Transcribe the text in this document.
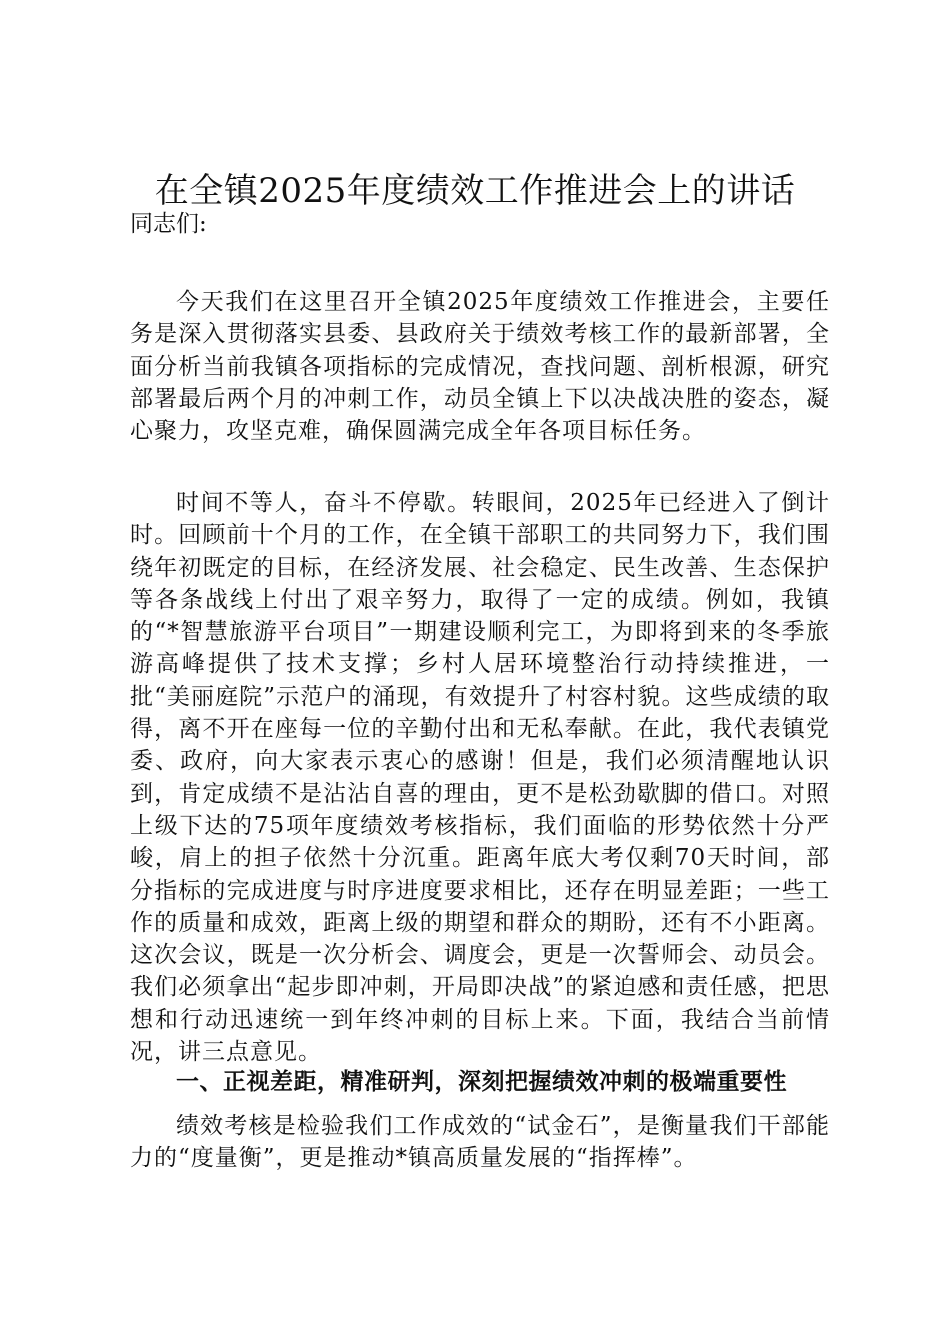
在全镇2025年度绩效工作推进会上的讲话

同志们:

今天我们在这里召开全镇2025年度绩效工作推进会，主要任务是深入贯彻落实县委、县政府关于绩效考核工作的最新部署，全面分析当前我镇各项指标的完成情况，查找问题、剖析根源，研究部署最后两个月的冲刺工作，动员全镇上下以决战决胜的姿态，凝心聚力，攻坚克难，确保圆满完成全年各项目标任务。

时间不等人，奋斗不停歇。转眼间，2025年已经进入了倒计时。回顾前十个月的工作，在全镇干部职工的共同努力下，我们围绕年初既定的目标，在经济发展、社会稳定、民生改善、生态保护等各条战线上付出了艰辛努力，取得了一定的成绩。例如，我镇的“*智慧旅游平台项目”一期建设顺利完工，为即将到来的冬季旅游高峰提供了技术支撑；乡村人居环境整治行动持续推进，一批“美丽庭院”示范户的涌现，有效提升了村容村貌。这些成绩的取得，离不开在座每一位的辛勤付出和无私奉献。在此，我代表镇党委、政府，向大家表示衷心的感谢！但是，我们必须清醒地认识到，肯定成绩不是沾沾自喜的理由，更不是松劲歇脚的借口。对照上级下达的75项年度绩效考核指标，我们面临的形势依然十分严峻，肩上的担子依然十分沉重。距离年底大考仅剩70天时间，部分指标的完成进度与时序进度要求相比，还存在明显差距；一些工作的质量和成效，距离上级的期望和群众的期盼，还有不小距离。这次会议，既是一次分析会、调度会，更是一次誓师会、动员会。我们必须拿出“起步即冲刺，开局即决战”的紧迫感和责任感，把思想和行动迅速统一到年终冲刺的目标上来。下面，我结合当前情况，讲三点意见。

一、正视差距，精准研判，深刻把握绩效冲刺的极端重要性

绩效考核是检验我们工作成效的“试金石”，是衡量我们干部能力的“度量衡”，更是推动*镇高质量发展的“指挥棒”。
